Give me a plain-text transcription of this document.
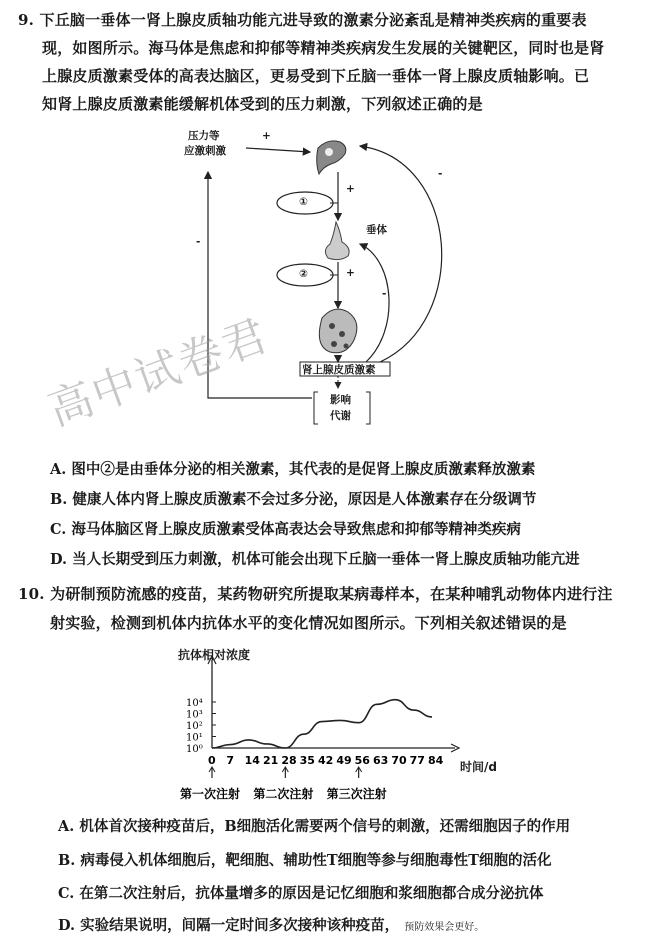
9. 下丘脑一垂体一肾上腺皮质轴功能亢进导致的激素分泌紊乱是精神类疾病的重要表
现，如图所示。海马体是焦虑和抑郁等精神类疾病发生发展的关键靶区，同时也是肾
上腺皮质激素受体的高表达脑区，更易受到下丘脑一垂体一肾上腺皮质轴影响。已
知肾上腺皮质激素能缓解机体受到的压力刺激，下列叙述正确的是
压力等
应激刺激
+
+
+
-
-
-
①
②
垂体
肾上腺皮质激素
影响
代谢
高中试卷君
A. 图中②是由垂体分泌的相关激素，其代表的是促肾上腺皮质激素释放激素
B. 健康人体内肾上腺皮质激素不会过多分泌，原因是人体激素存在分级调节
C. 海马体脑区肾上腺皮质激素受体高表达会导致焦虑和抑郁等精神类疾病
D. 当人长期受到压力刺激，机体可能会出现下丘脑一垂体一肾上腺皮质轴功能亢进
10. 为研制预防流感的疫苗，某药物研究所提取某病毒样本，在某种哺乳动物体内进行注
射实验，检测到机体内抗体水平的变化情况如图所示。下列相关叙述错误的是
10⁰
10¹
10²
10³
10⁴
0 7 14 21 28 35 42 49 56 63 70 77 84
第一次注射 第二次注射 第三次注射
抗体相对浓度
时间/d
A. 机体首次接种疫苗后，B细胞活化需要两个信号的刺激，还需细胞因子的作用
B. 病毒侵入机体细胞后，靶细胞、辅助性T细胞等参与细胞毒性T细胞的活化
C. 在第二次注射后，抗体量增多的原因是记忆细胞和浆细胞都合成分泌抗体
D. 实验结果说明，间隔一定时间多次接种该种疫苗， 预防效果会更好。
